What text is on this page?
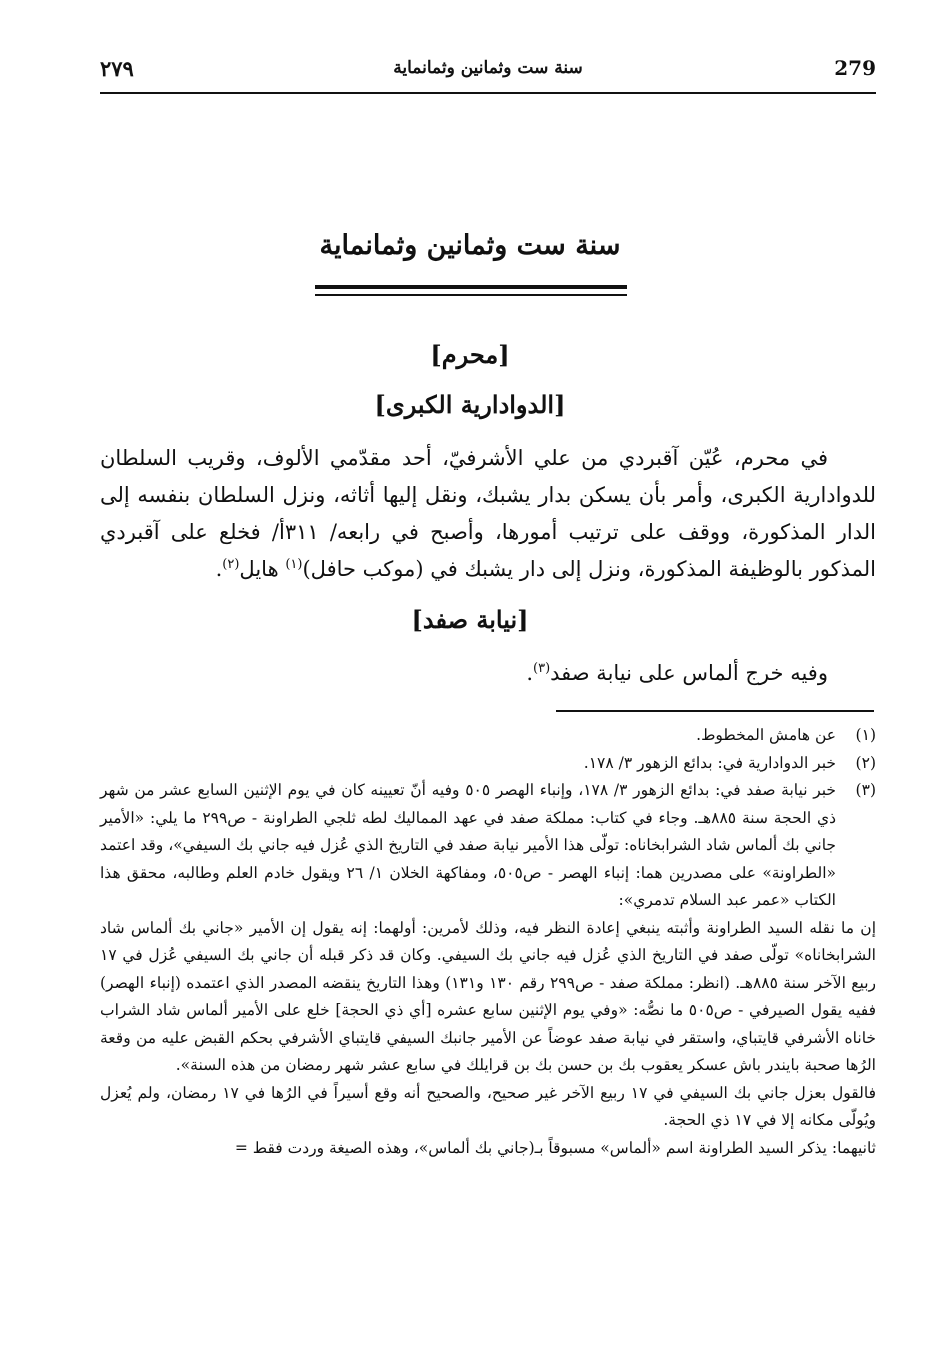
279
سنة ست وثمانين وثمانماية
٢٧٩
سنة ست وثمانين وثمانماية
[محرم]
[الدوادارية الكبرى]
في محرم، عُيّن آقبردي من علي الأشرفيّ، أحد مقدّمي الألوف، وقريب السلطان للدوادارية الكبرى، وأمر بأن يسكن بدار يشبك، ونقل إليها أثاثه، ونزل السلطان بنفسه إلى الدار المذكورة، ووقف على ترتيب أمورها، وأصبح في رابعه/ ٣١١أ/ فخلع على آقبردي المذكور بالوظيفة المذكورة، ونزل إلى دار يشبك في (موكب حافل)$^{(١)}$ هايل$^{(٢)}$.
[نيابة صفد]
وفيه خرج ألماس على نيابة صفد$^{(٣)}$.
(١)
عن هامش المخطوط.
(٢)
خبر الدوادارية في: بدائع الزهور ٣/ ١٧٨.
(٣)
خبر نيابة صفد في: بدائع الزهور ٣/ ١٧٨، وإنباء الهصر ٥٠٥ وفيه أنّ تعيينه كان في يوم الإثنين السابع عشر من شهر ذي الحجة سنة ٨٨٥هـ. وجاء في كتاب: مملكة صفد في عهد المماليك لطه ثلجي الطراونة - ص٢٩٩ ما يلي: «الأمير جاني بك ألماس شاد الشرابخاناه: تولّى هذا الأمير نيابة صفد في التاريخ الذي عُزل فيه جاني بك السيفي»، وقد اعتمد «الطراونة» على مصدرين هما: إنباء الهصر - ص٥٠٥، ومفاكهة الخلان ١/ ٢٦ ويقول خادم العلم وطالبه، محقق هذا الكتاب «عمر عبد السلام تدمري»:

إن ما نقله السيد الطراونة وأثبته ينبغي إعادة النظر فيه، وذلك لأمرين: أولهما: إنه يقول إن الأمير «جاني بك ألماس شاد الشرابخاناه» تولّى صفد في التاريخ الذي عُزل فيه جاني بك السيفي. وكان قد ذكر قبله أن جاني بك السيفي عُزل في ١٧ ربيع الآخر سنة ٨٨٥هـ. (انظر: مملكة صفد - ص٢٩٩ رقم ١٣٠ و١٣١) وهذا التاريخ ينقضه المصدر الذي اعتمده (إنباء الهصر) ففيه يقول الصيرفي - ص٥٠٥ ما نصُّه: «وفي يوم الإثنين سابع عشره [أي ذي الحجة] خلع على الأمير ألماس شاد الشراب خاناه الأشرفي قايتباي، واستقر في نيابة صفد عوضاً عن الأمير جانبك السيفي قايتباي الأشرفي بحكم القبض عليه من وقعة الرُها صحبة بايندر باش عسكر يعقوب بك بن حسن بك بن قرايلك في سابع عشر شهر رمضان من هذه السنة».

فالقول بعزل جاني بك السيفي في ١٧ ربيع الآخر غير صحيح، والصحيح أنه وقع أسيراً في الرُها في ١٧ رمضان، ولم يُعزل ويُولّى مكانه إلا في ١٧ ذي الحجة.

ثانيهما: يذكر السيد الطراونة اسم «ألماس» مسبوقاً بـ(جاني بك ألماس»، وهذه الصيغة وردت فقط =
